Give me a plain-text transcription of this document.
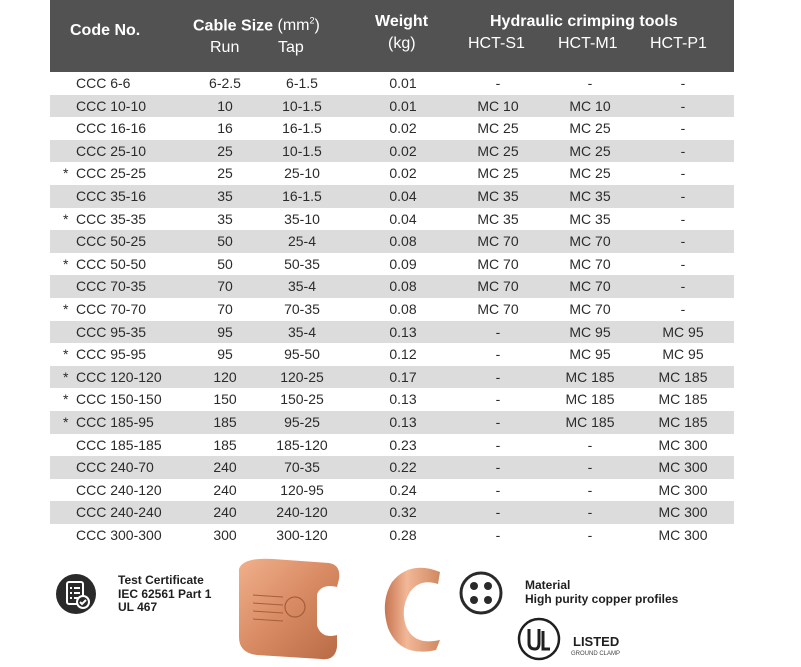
Code No.	Cable Size $(mm^2)$
Run Tap
Weight
(kg)
Hydraulic crimping tools
HCT-S1 HCT-M1 HCT-P1
CCC 6-6	6-2.5	6-1.5	0.01	-	-	-
CCC 10-10	10	10-1.5	0.01	MC 10	MC 10	-
CCC 16-16	16	16-1.5	0.02	MC 25	MC 25	-
CCC 25-10	25	10-1.5	0.02	MC 25	MC 25	-
* CCC 25-25	25	25-10	0.02	MC 25	MC 25	-
CCC 35-16	35	16-1.5	0.04	MC 35	MC 35	-
* CCC 35-35	35	35-10	0.04	MC 35	MC 35	-
CCC 50-25	50	25-4	0.08	MC 70	MC 70	-
* CCC 50-50	50	50-35	0.09	MC 70	MC 70	-
CCC 70-35	70	35-4	0.08	MC 70	MC 70	-
* CCC 70-70	70	70-35	0.08	MC 70	MC 70	-
CCC 95-35	95	35-4	0.13	-	MC 95	MC 95
* CCC 95-95	95	95-50	0.12	-	MC 95	MC 95
* CCC 120-120	120	120-25	0.17	-	MC 185	MC 185
* CCC 150-150	150	150-25	0.13	-	MC 185	MC 185
* CCC 185-95	185	95-25	0.13	-	MC 185	MC 185
CCC 185-185	185	185-120	0.23	-	-	MC 300
CCC 240-70	240	70-35	0.22	-	-	MC 300
CCC 240-120	240	120-95	0.24	-	-	MC 300
CCC 240-240	240	240-120	0.32	-	-	MC 300
CCC 300-300	300	300-120	0.28	-	-	MC 300
Test Certificate
IEC 62561 Part 1
UL 467
Material
High purity copper profiles
LISTED
GROUND CLAMP
